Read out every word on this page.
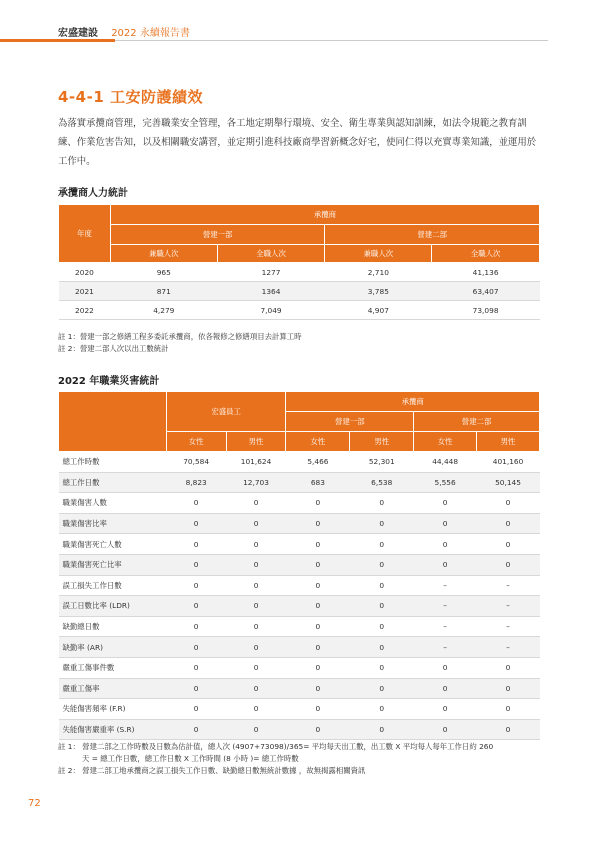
宏盛建設 2022 永續報告書
4-4-1 工安防護績效
為落實承攬商管理，完善職業安全管理，各工地定期舉行環境、安全、衛生專業與認知訓練，如法令規範之教育訓練、作業危害告知，以及相關職安講習，並定期引進科技廠商學習新概念好宅，使同仁得以充實專業知識，並運用於工作中。
承攬商人力統計
年度	承攬商			
	營建一部		營建二部	
	兼職人次	全職人次	兼職人次	全職人次
2020	965	1277	2,710	41,136
2021	871	1364	3,785	63,407
2022	4,279	7,049	4,907	73,098
註 1：營建一部之修繕工程多委託承攬商，依各報修之修繕項目去計算工時
註 2：營建二部人次以出工數統計
2022 年職業災害統計
	宏盛員工		承攬商			
			營建一部		營建二部	
	女性	男性	女性	男性	女性	男性
總工作時數	70,584	101,624	5,466	52,301	44,448	401,160
總工作日數	8,823	12,703	683	6,538	5,556	50,145
職業傷害人數	0	0	0	0	0	0
職業傷害比率	0	0	0	0	0	0
職業傷害死亡人數	0	0	0	0	0	0
職業傷害死亡比率	0	0	0	0	0	0
誤工損失工作日數	0	0	0	0	–	–
誤工日數比率 (LDR)	0	0	0	0	–	–
缺勤總日數	0	0	0	0	–	–
缺勤率 (AR)	0	0	0	0	–	–
嚴重工傷事件數	0	0	0	0	0	0
嚴重工傷率	0	0	0	0	0	0
失能傷害頻率 (F.R)	0	0	0	0	0	0
失能傷害嚴重率 (S.R)	0	0	0	0	0	0
註 1： 營建二部之工作時數及日數為估計值，總人次 (4907+73098)/365= 平均每天出工數，出工數 X 平均每人每年工作日約 260
天 = 總工作日數，總工作日數 X 工作時間 (8 小時 )= 總工作時數
註 2： 營建二部工地承攬商之誤工損失工作日數、缺勤總日數無統計數據 ，故無揭露相關資訊
72
